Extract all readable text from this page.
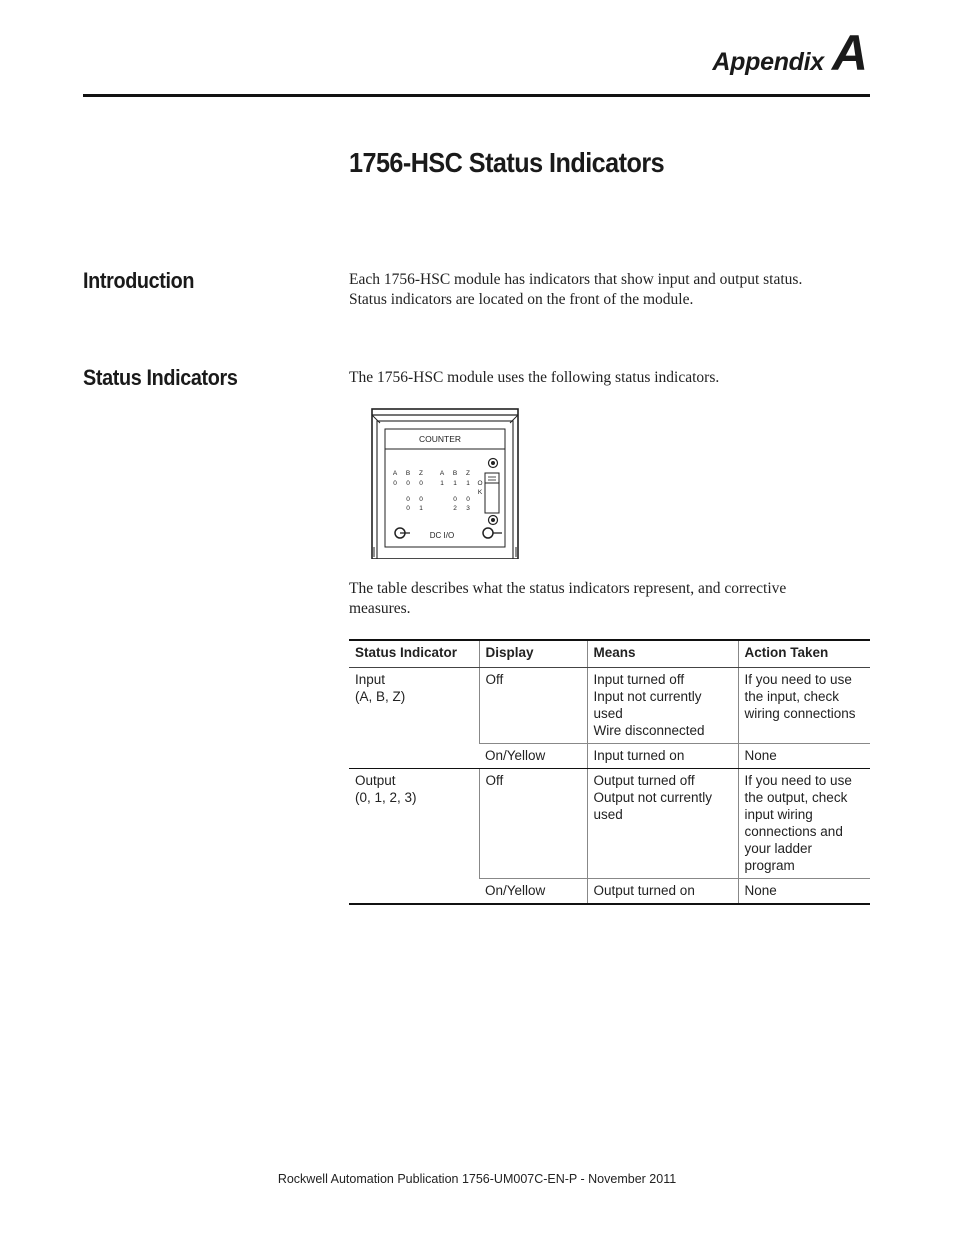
Appendix A
1756-HSC Status Indicators
Introduction	Each 1756-HSC module has indicators that show input and output status.
Status indicators are located on the front of the module.

Status Indicators	The 1756-HSC module uses the following status indicators.

COUNTER
A B Z	A B Z
0 0 0	1 1 1 O
K
0 0	0 0
0 1	2 3
DC I/O

The table describes what the status indicators represent, and corrective
measures.

Status Indicator	Display	Means	Action Taken
Input
(A, B, Z)	Off	Input turned off
Input not currently used
Wire disconnected	If you need to use
the input, check
wiring connections
	On/Yellow	Input turned on	None
Output
(0, 1, 2, 3)	Off	Output turned off
Output not currently
used	If you need to use
the output, check
input wiring
connections and
your ladder program
	On/Yellow	Output turned on	None
Rockwell Automation Publication 1756-UM007C-EN-P - November 2011
